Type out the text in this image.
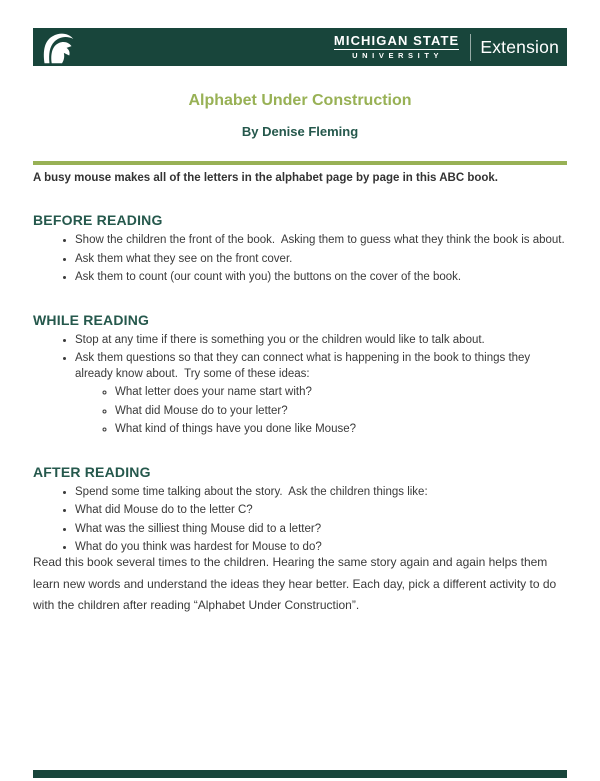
MICHIGAN STATE
UNIVERSITY	Extension
Alphabet Under Construction
By Denise Fleming

A busy mouse makes all of the letters in the alphabet page by page in this ABC book.

BEFORE READING
• Show the children the front of the book.  Asking them to guess what they think the book is about.
• Ask them what they see on the front cover.
• Ask them to count (our count with you) the buttons on the cover of the book.
WHILE READING
• Stop at any time if there is something you or the children would like to talk about.
• Ask them questions so that they can connect what is happening in the book to things they already know about.  Try some of these ideas:
◦ What letter does your name start with?
◦ What did Mouse do to your letter?
◦ What kind of things have you done like Mouse?
AFTER READING
• Spend some time talking about the story.  Ask the children things like:
• What did Mouse do to the letter C?
• What was the silliest thing Mouse did to a letter?
• What do you think was hardest for Mouse to do?

Read this book several times to the children. Hearing the same story again and again helps them learn new words and understand the ideas they hear better. Each day, pick a different activity to do with the children after reading “Alphabet Under Construction”.
